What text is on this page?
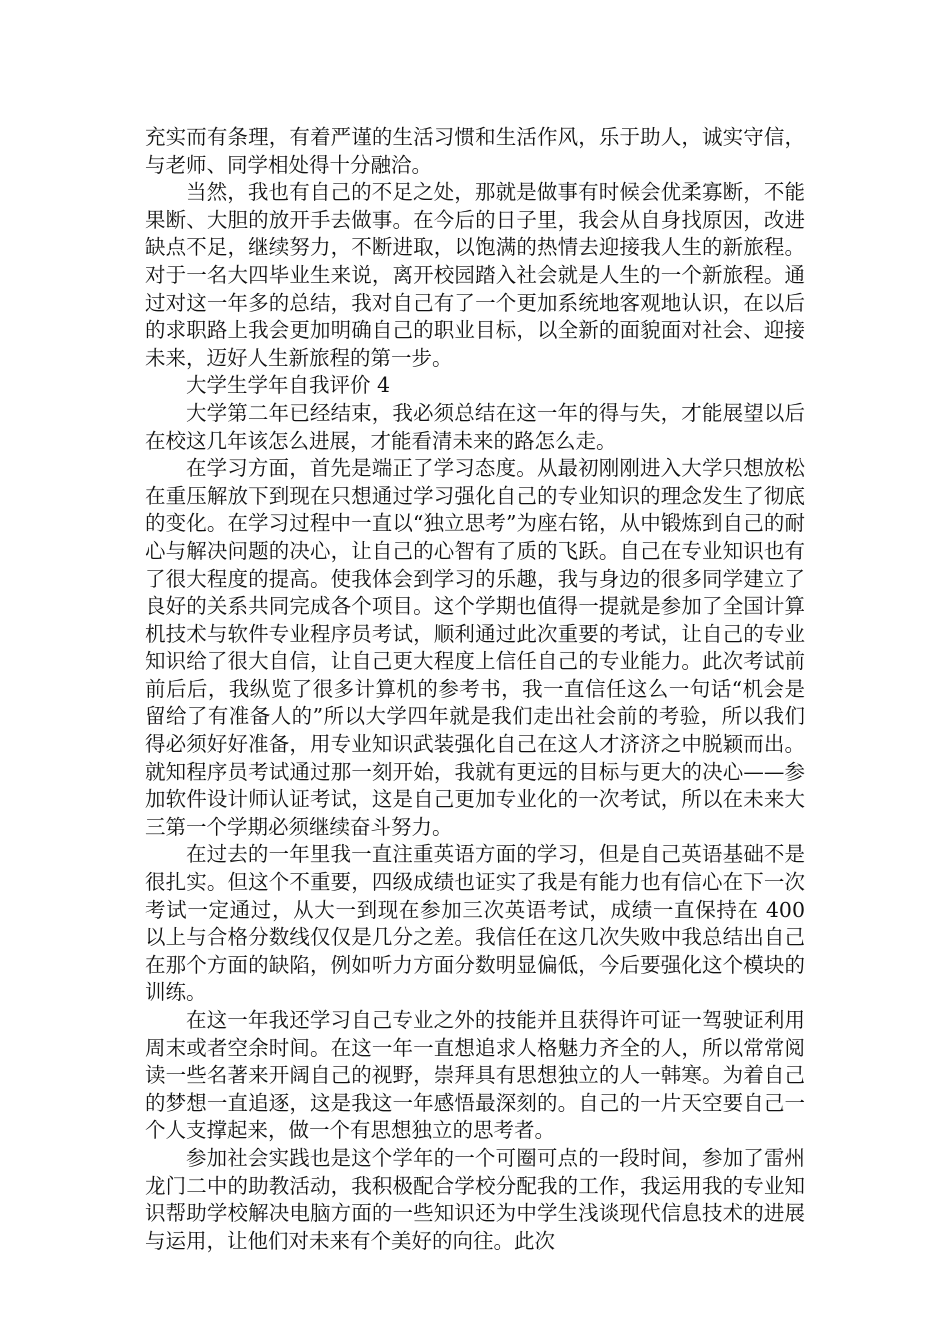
充实而有条理，有着严谨的生活习惯和生活作风，乐于助人，诚实守信，与老师、同学相处得十分融洽。

当然，我也有自己的不足之处，那就是做事有时候会优柔寡断，不能果断、大胆的放开手去做事。在今后的日子里，我会从自身找原因，改进缺点不足，继续努力，不断进取，以饱满的热情去迎接我人生的新旅程。对于一名大四毕业生来说，离开校园踏入社会就是人生的一个新旅程。通过对这一年多的总结，我对自己有了一个更加系统地客观地认识，在以后的求职路上我会更加明确自己的职业目标，以全新的面貌面对社会、迎接未来，迈好人生新旅程的第一步。

大学生学年自我评价 4

大学第二年已经结束，我必须总结在这一年的得与失，才能展望以后在校这几年该怎么进展，才能看清未来的路怎么走。

在学习方面，首先是端正了学习态度。从最初刚刚进入大学只想放松在重压解放下到现在只想通过学习强化自己的专业知识的理念发生了彻底的变化。在学习过程中一直以“独立思考”为座右铭，从中锻炼到自己的耐心与解决问题的决心，让自己的心智有了质的飞跃。自己在专业知识也有了很大程度的提高。使我体会到学习的乐趣，我与身边的很多同学建立了良好的关系共同完成各个项目。这个学期也值得一提就是参加了全国计算机技术与软件专业程序员考试，顺利通过此次重要的考试，让自己的专业知识给了很大自信，让自己更大程度上信任自己的专业能力。此次考试前前后后，我纵览了很多计算机的参考书，我一直信任这么一句话“机会是留给了有准备人的”所以大学四年就是我们走出社会前的考验，所以我们得必须好好准备，用专业知识武装强化自己在这人才济济之中脱颖而出。就知程序员考试通过那一刻开始，我就有更远的目标与更大的决心——参加软件设计师认证考试，这是自己更加专业化的一次考试，所以在未来大三第一个学期必须继续奋斗努力。

在过去的一年里我一直注重英语方面的学习，但是自己英语基础不是很扎实。但这个不重要，四级成绩也证实了我是有能力也有信心在下一次考试一定通过，从大一到现在参加三次英语考试，成绩一直保持在 400 以上与合格分数线仅仅是几分之差。我信任在这几次失败中我总结出自己在那个方面的缺陷，例如听力方面分数明显偏低，今后要强化这个模块的训练。

在这一年我还学习自己专业之外的技能并且获得许可证一驾驶证利用周末或者空余时间。在这一年一直想追求人格魅力齐全的人，所以常常阅读一些名著来开阔自己的视野，崇拜具有思想独立的人一韩寒。为着自己的梦想一直追逐，这是我这一年感悟最深刻的。自己的一片天空要自己一个人支撑起来，做一个有思想独立的思考者。

参加社会实践也是这个学年的一个可圈可点的一段时间，参加了雷州龙门二中的助教活动，我积极配合学校分配我的工作，我运用我的专业知识帮助学校解决电脑方面的一些知识还为中学生浅谈现代信息技术的进展与运用，让他们对未来有个美好的向往。此次
